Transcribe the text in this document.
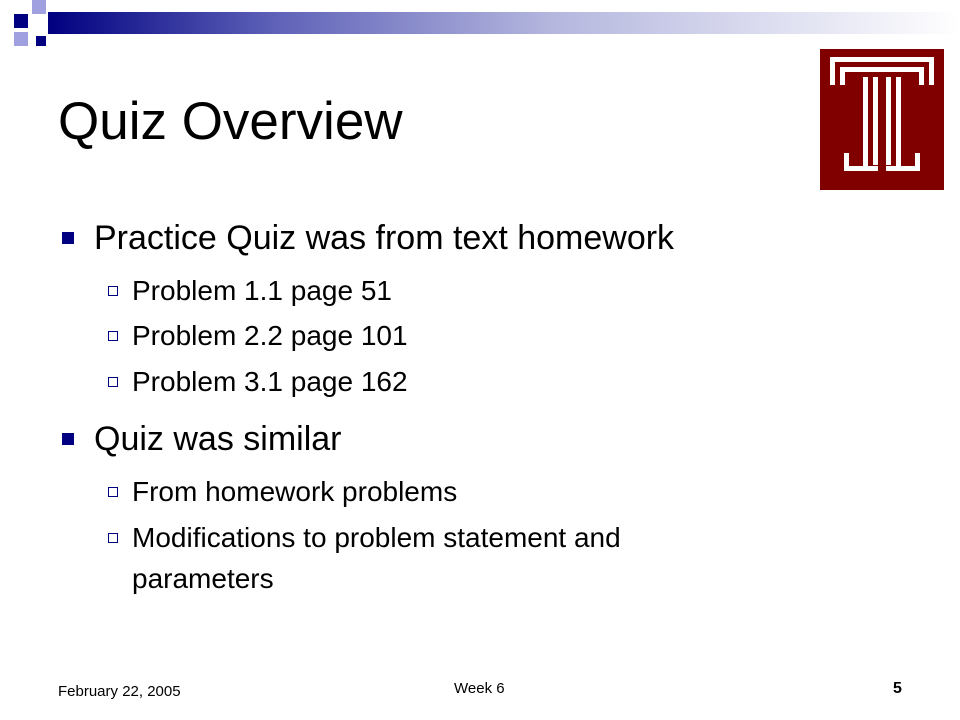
Quiz Overview
Practice Quiz was from text homework
Problem 1.1 page 51
Problem 2.2 page 101
Problem 3.1 page 162
Quiz was similar
From homework problems
Modifications to problem statement and
parameters
February 22, 2005	Week 6	5
